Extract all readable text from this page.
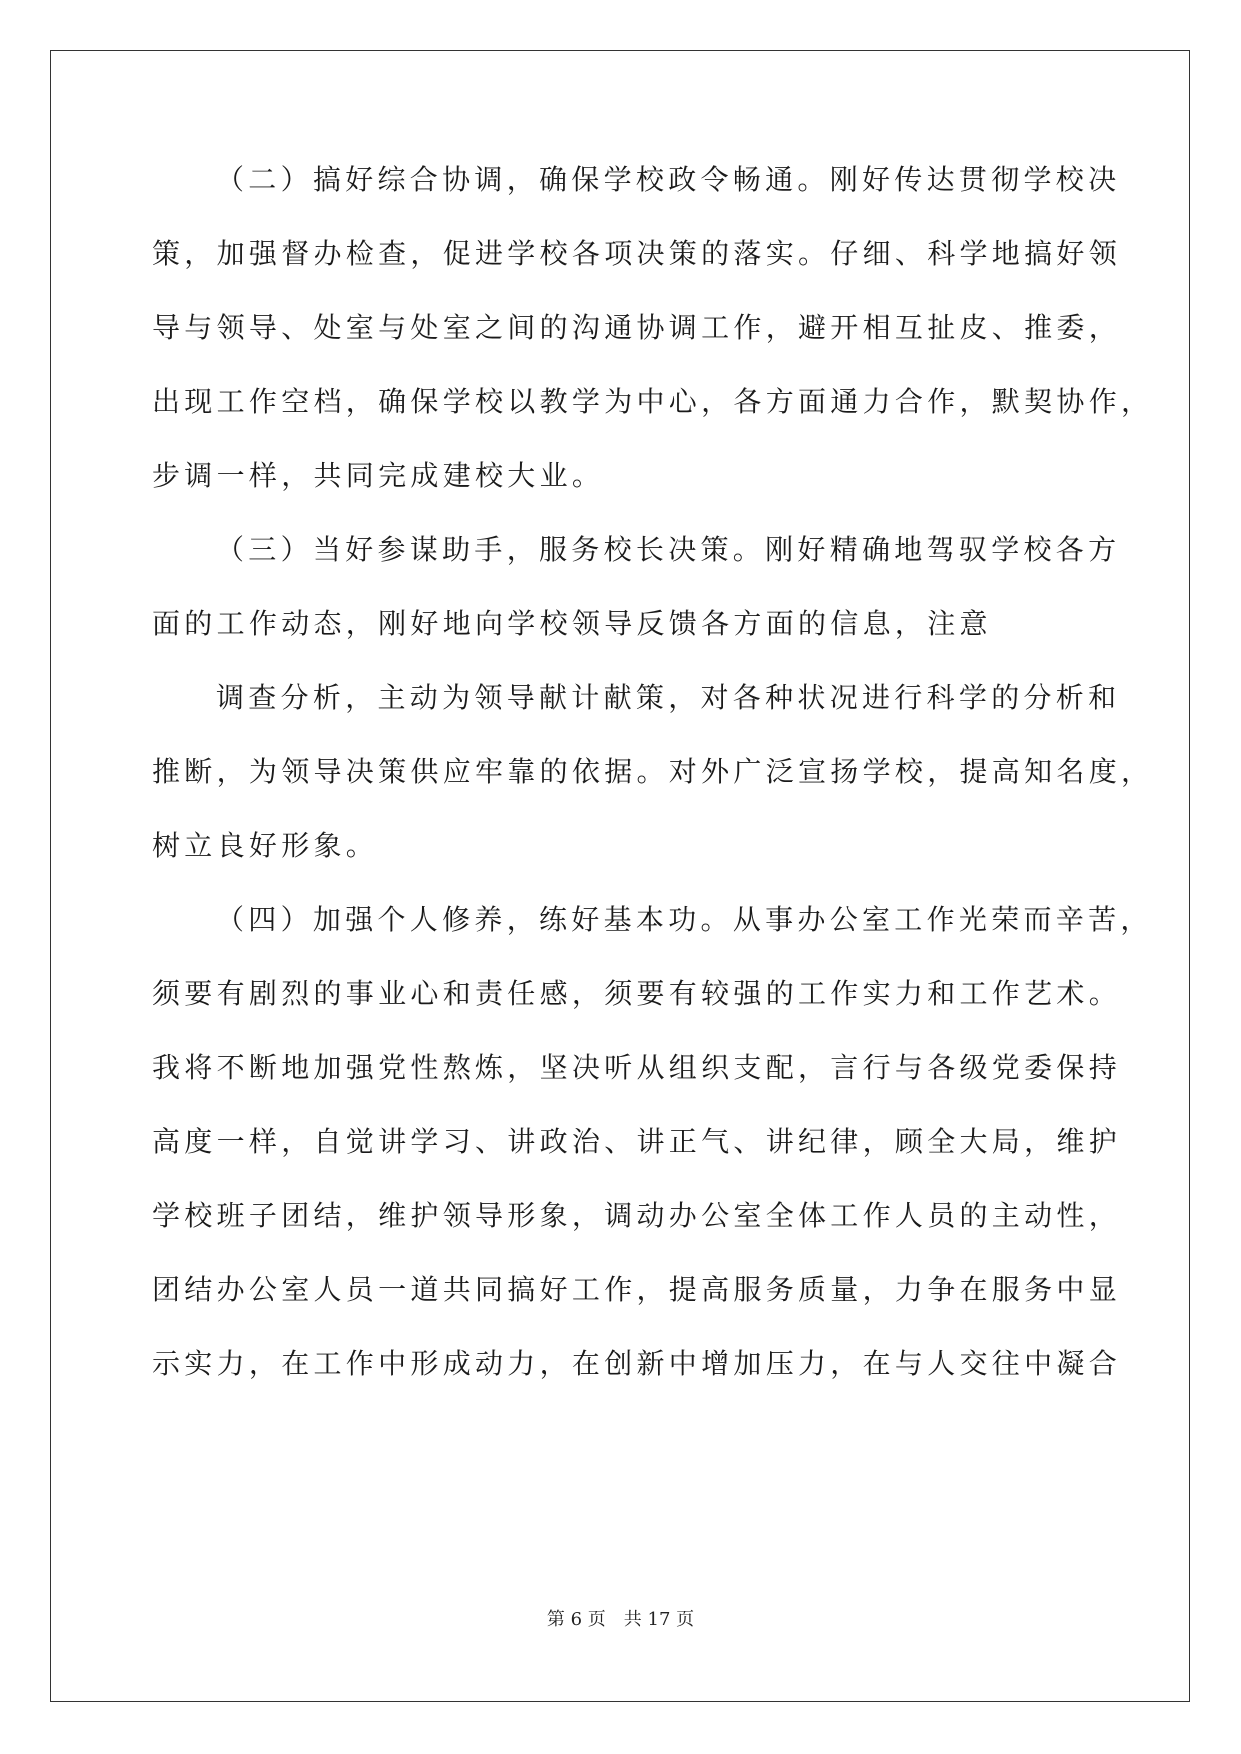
（二）搞好综合协调，确保学校政令畅通。刚好传达贯彻学校决
策，加强督办检查，促进学校各项决策的落实。仔细、科学地搞好领
导与领导、处室与处室之间的沟通协调工作，避开相互扯皮、推委，
出现工作空档，确保学校以教学为中心，各方面通力合作，默契协作，
步调一样，共同完成建校大业。
（三）当好参谋助手，服务校长决策。刚好精确地驾驭学校各方
面的工作动态，刚好地向学校领导反馈各方面的信息，注意
调查分析，主动为领导献计献策，对各种状况进行科学的分析和
推断，为领导决策供应牢靠的依据。对外广泛宣扬学校，提高知名度，
树立良好形象。
（四）加强个人修养，练好基本功。从事办公室工作光荣而辛苦，
须要有剧烈的事业心和责任感，须要有较强的工作实力和工作艺术。
我将不断地加强党性熬炼，坚决听从组织支配，言行与各级党委保持
高度一样，自觉讲学习、讲政治、讲正气、讲纪律，顾全大局，维护
学校班子团结，维护领导形象，调动办公室全体工作人员的主动性，
团结办公室人员一道共同搞好工作，提高服务质量，力争在服务中显
示实力，在工作中形成动力，在创新中增加压力，在与人交往中凝合
第 6 页　共 17 页
